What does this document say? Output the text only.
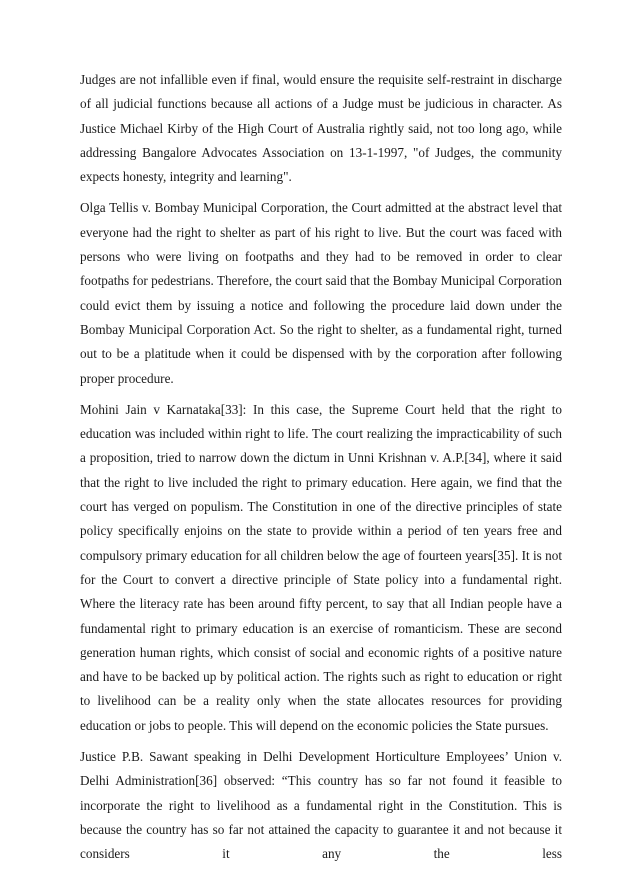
Judges are not infallible even if final, would ensure the requisite self-restraint in discharge of all judicial functions because all actions of a Judge must be judicious in character. As Justice Michael Kirby of the High Court of Australia rightly said, not too long ago, while addressing Bangalore Advocates Association on 13-1-1997, "of Judges, the community expects honesty, integrity and learning".

Olga Tellis v. Bombay Municipal Corporation, the Court admitted at the abstract level that everyone had the right to shelter as part of his right to live. But the court was faced with persons who were living on footpaths and they had to be removed in order to clear footpaths for pedestrians. Therefore, the court said that the Bombay Municipal Corporation could evict them by issuing a notice and following the procedure laid down under the Bombay Municipal Corporation Act. So the right to shelter, as a fundamental right, turned out to be a platitude when it could be dispensed with by the corporation after following proper procedure.

Mohini Jain v Karnataka[33]: In this case, the Supreme Court held that the right to education was included within right to life. The court realizing the impracticability of such a proposition, tried to narrow down the dictum in Unni Krishnan v. A.P.[34], where it said that the right to live included the right to primary education. Here again, we find that the court has verged on populism. The Constitution in one of the directive principles of state policy specifically enjoins on the state to provide within a period of ten years free and compulsory primary education for all children below the age of fourteen years[35]. It is not for the Court to convert a directive principle of State policy into a fundamental right. Where the literacy rate has been around fifty percent, to say that all Indian people have a fundamental right to primary education is an exercise of romanticism. These are second generation human rights, which consist of social and economic rights of a positive nature and have to be backed up by political action. The rights such as right to education or right to livelihood can be a reality only when the state allocates resources for providing education or jobs to people. This will depend on the economic policies the State pursues.

Justice P.B. Sawant speaking in Delhi Development Horticulture Employees’ Union v. Delhi Administration[36] observed: “This country has so far not found it feasible to incorporate the right to livelihood as a fundamental right in the Constitution. This is because the country has so far not attained the capacity to guarantee it and not because it considers it any the less
